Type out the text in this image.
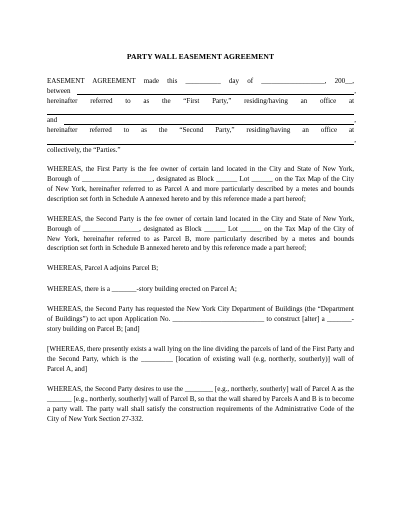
PARTY WALL EASEMENT AGREEMENT
EASEMENT AGREEMENT made this __________ day of __________________, 200__,
between	,
hereinafter referred to as the “First Party,” residing/having an office at
and	,
hereinafter referred to as the “Second Party,” residing/having an office at
,
collectively, the “Parties.”
WHEREAS, the First Party is the fee owner of certain land located in the City and State of New York, Borough of ____________________, designated as Block ______ Lot ______ on the Tax Map of the City of New York, hereinafter referred to as Parcel A and more particularly described by a metes and bounds description set forth in Schedule A annexed hereto and by this reference made a part hereof;
WHEREAS, the Second Party is the fee owner of certain land located in the City and State of New York, Borough of ________________, designated as Block ______ Lot ______ on the Tax Map of the City of New York, hereinafter referred to as Parcel B, more particularly described by a metes and bounds description set forth in Schedule B annexed hereto and by this reference made a part hereof;
WHEREAS, Parcel A adjoins Parcel B;
WHEREAS, there is a _______-story building erected on Parcel A;
WHEREAS, the Second Party has requested the New York City Department of Buildings (the “Department of Buildings”) to act upon Application No. __________________________ to construct [alter] a _______-story building on Parcel B; [and]
[WHEREAS, there presently exists a wall lying on the line dividing the parcels of land of the First Party and the Second Party, which is the _________ [location of existing wall (e.g, northerly, southerly)] wall of Parcel A, and]
WHEREAS, the Second Party desires to use the ________ [e.g., northerly, southerly] wall of Parcel A as the _______ [e.g., northerly, southerly] wall of Parcel B, so that the wall shared by Parcels A and B is to become a party wall. The party wall shall satisfy the construction requirements of the Administrative Code of the City of New York Section 27-332.
